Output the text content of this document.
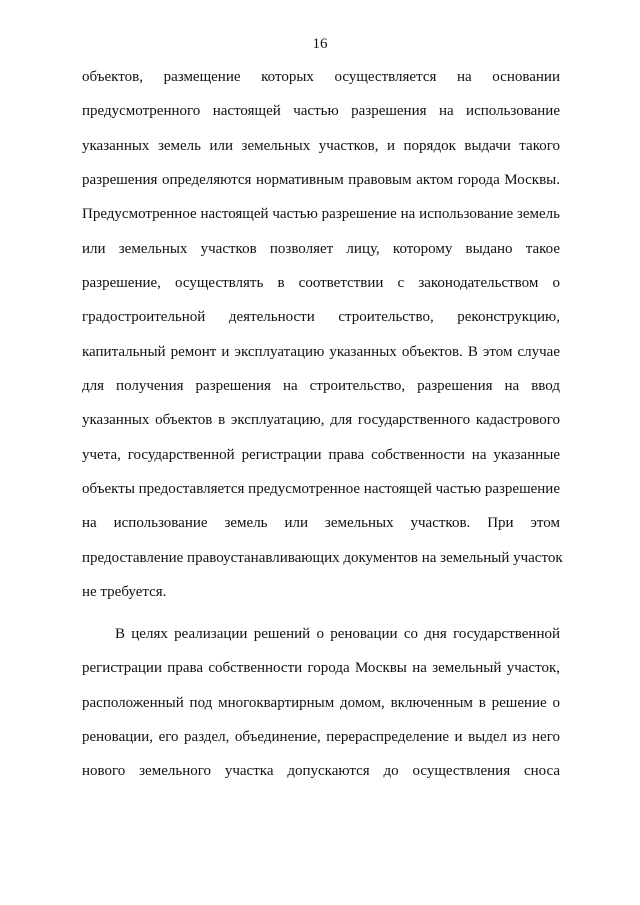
16
объектов, размещение которых осуществляется на основании
предусмотренного настоящей частью разрешения на использование
указанных земель или земельных участков, и порядок выдачи такого
разрешения определяются нормативным правовым актом города Москвы.
Предусмотренное настоящей частью разрешение на использование земель
или земельных участков позволяет лицу, которому выдано такое
разрешение, осуществлять в соответствии с законодательством о
градостроительной деятельности строительство, реконструкцию,
капитальный ремонт и эксплуатацию указанных объектов. В этом случае
для получения разрешения на строительство, разрешения на ввод
указанных объектов в эксплуатацию, для государственного кадастрового
учета, государственной регистрации права собственности на указанные
объекты предоставляется предусмотренное настоящей частью разрешение
на использование земель или земельных участков. При этом
предоставление правоустанавливающих документов на земельный участок
не требуется.
В целях реализации решений о реновации со дня государственной
регистрации права собственности города Москвы на земельный участок,
расположенный под многоквартирным домом, включенным в решение о
реновации, его раздел, объединение, перераспределение и выдел из него
нового земельного участка допускаются до осуществления сноса
